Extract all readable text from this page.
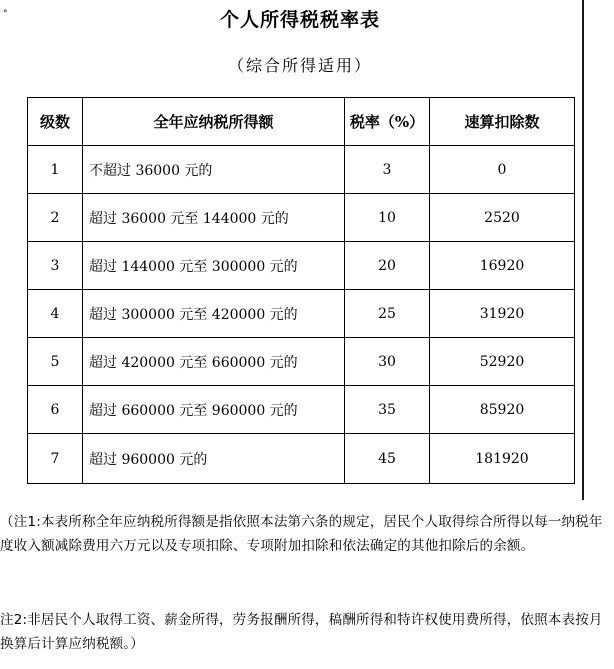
°	个人所得税税率表
（综合所得适用）
级数	全年应纳税所得额	税率（%）	速算扣除数
1	不超过 36000 元的	3	0
2	超过 36000 元至 144000 元的	10	2520
3	超过 144000 元至 300000 元的	20	16920
4	超过 300000 元至 420000 元的	25	31920
5	超过 420000 元至 660000 元的	30	52920
6	超过 660000 元至 960000 元的	35	85920
7	超过 960000 元的	45	181920
（注1:本表所称全年应纳税所得额是指依照本法第六条的规定，居民个人取得综合所得以每一纳税年度收入额减除费用六万元以及专项扣除、专项附加扣除和依法确定的其他扣除后的余额。
注2:非居民个人取得工资、薪金所得，劳务报酬所得，稿酬所得和特许权使用费所得，依照本表按月换算后计算应纳税额。）
